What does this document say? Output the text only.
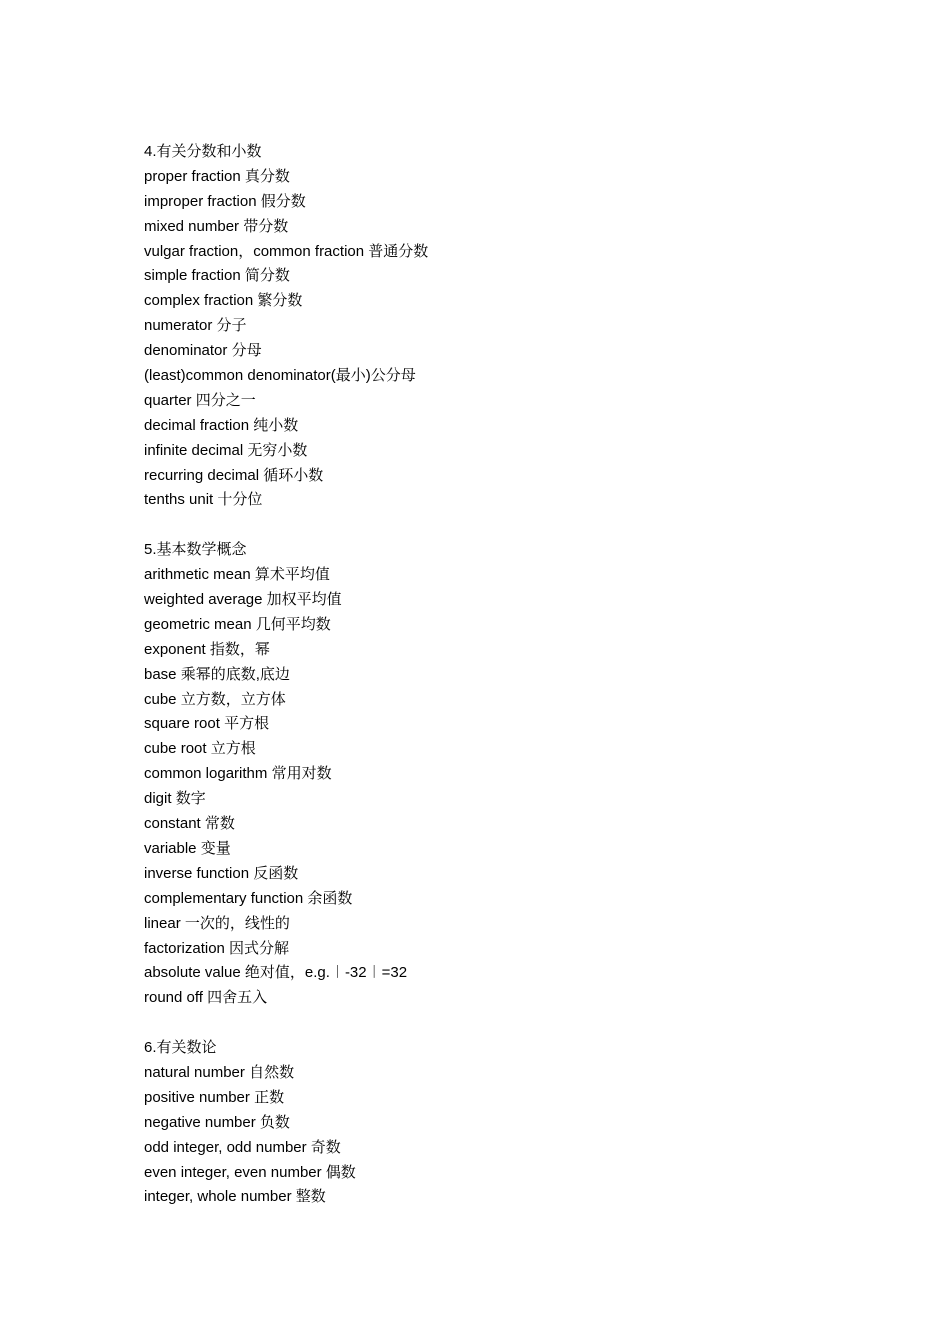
4.有关分数和小数
proper fraction 真分数
improper fraction 假分数
mixed number 带分数
vulgar fraction，common fraction 普通分数
simple fraction 简分数
complex fraction 繁分数
numerator 分子
denominator 分母
(least)common denominator(最小)公分母
quarter 四分之一
decimal fraction 纯小数
infinite decimal 无穷小数
recurring decimal 循环小数
tenths unit 十分位
5.基本数学概念
arithmetic mean 算术平均值
weighted average 加权平均值
geometric mean 几何平均数
exponent 指数，幂
base 乘幂的底数,底边
cube 立方数，立方体
square root 平方根
cube root 立方根
common logarithm 常用对数
digit 数字
constant 常数
variable 变量
inverse function 反函数
complementary function 余函数
linear 一次的，线性的
factorization 因式分解
absolute value 绝对值，e.g.︱-32︱=32
round off 四舍五入
6.有关数论
natural number 自然数
positive number 正数
negative number 负数
odd integer, odd number 奇数
even integer, even number 偶数
integer, whole number 整数
